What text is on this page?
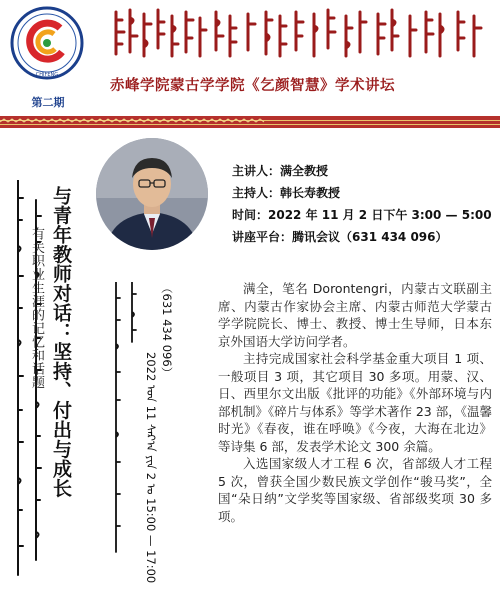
CHIFENG
第二期
赤峰学院蒙古学学院《乞颜智慧》学术讲坛
主讲人：满全教授
主持人：韩长寿教授
时间：2022 年 11 月 2 日下午 3:00 — 5:00
讲座平台：腾讯会议（631 434 096）
与青年教师对话：坚持、付出与成长
——有关职业生涯的记忆和话题	（631 434 096）
2022 ᠤᠨ 11 ᠰᠠᠷ᠎ᠠ ᠶᠢᠨ 2 ᠤ 15:00 — 17:00

满全，笔名 Dorontengri，内蒙古文联副主席、内蒙古作家协会主席、内蒙古师范大学蒙古学学院院长、博士、教授、博士生导师，日本东京外国语大学访问学者。

主持完成国家社会科学基金重大项目 1 项、一般项目 3 项，其它项目 30 多项。用蒙、汉、日、西里尔文出版《批评的功能》《外部环境与内部机制》《碎片与体系》等学术著作 23 部，《温馨时光》《春夜，谁在呼唤》《今夜，大海在北边》等诗集 6 部，发表学术论文 300 余篇。

入选国家级人才工程 6 次，省部级人才工程 5 次，曾获全国少数民族文学创作“骏马奖”，全国“朵日纳”文学奖等国家级、省部级奖项 30 多项。
